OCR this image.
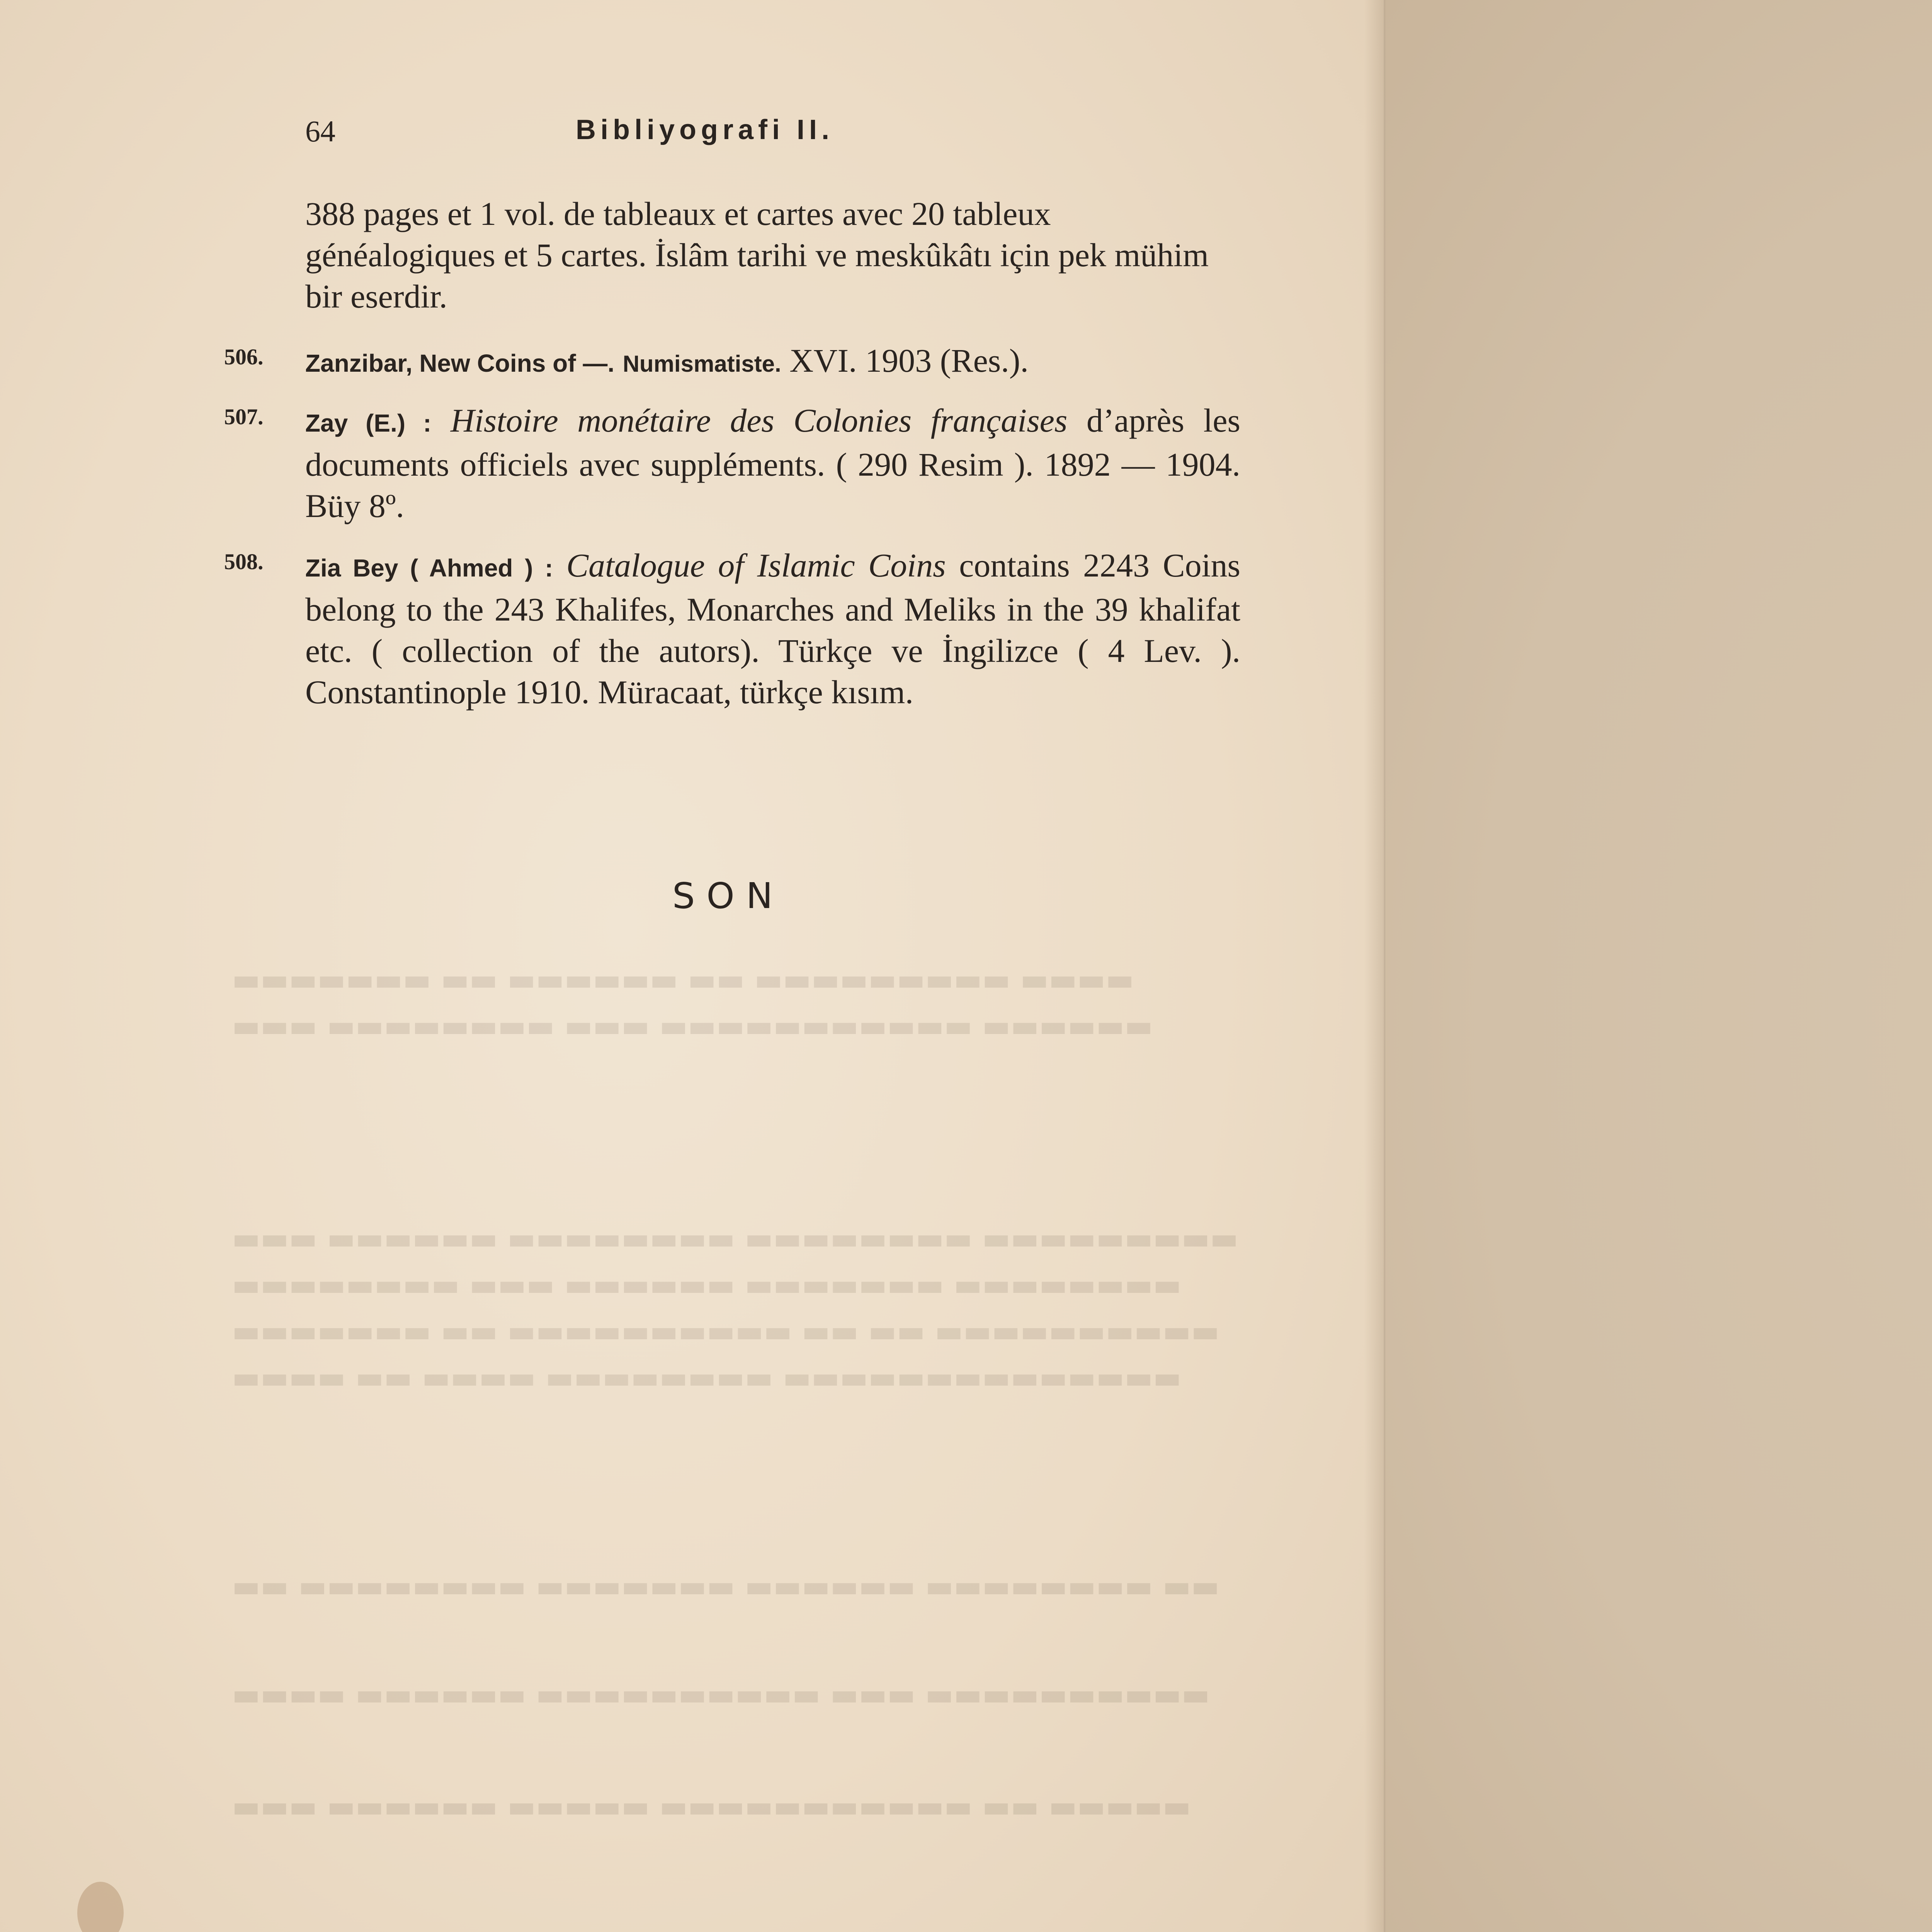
▬▬▬▬ ▬▬▬▬▬▬▬▬▬ ▬▬ ▬▬▬▬▬▬ ▬▬ ▬▬▬▬▬▬▬
▬▬▬▬▬▬ ▬▬▬▬▬▬▬▬▬▬▬ ▬▬▬ ▬▬▬▬▬▬▬▬ ▬▬▬
▬▬▬▬▬▬▬▬▬ ▬▬▬▬▬▬▬▬ ▬▬▬▬▬▬▬▬ ▬▬▬▬▬▬ ▬▬▬
▬▬▬▬▬▬▬▬ ▬▬▬▬▬▬▬ ▬▬▬▬▬▬ ▬▬▬ ▬▬▬▬▬▬▬▬
▬▬▬▬▬▬▬▬▬▬ ▬▬ ▬▬ ▬▬▬▬▬▬▬▬▬▬ ▬▬ ▬▬▬▬▬▬▬
▬▬▬▬▬▬▬▬▬▬▬▬▬▬ ▬▬▬▬▬▬▬▬ ▬▬▬▬ ▬▬ ▬▬▬▬
▬▬ ▬▬▬▬▬▬▬▬ ▬▬▬▬▬▬ ▬▬▬▬▬▬▬ ▬▬▬▬▬▬▬▬ ▬▬
▬▬▬▬▬▬▬▬▬▬ ▬▬▬ ▬▬▬▬▬▬▬▬▬▬ ▬▬▬▬▬▬ ▬▬▬▬
▬▬▬▬▬ ▬▬ ▬▬▬▬▬▬▬▬▬▬▬ ▬▬▬▬▬ ▬▬▬▬▬▬ ▬▬▬
64	Bibliyografi II.
388 pages et 1 vol. de tableaux et cartes avec 20 tableux généalogiques et 5 cartes. İslâm tarihi ve meskûkâtı için pek mühim bir eserdir.
506. Zanzibar, New Coins of —. Numismatiste. XVI. 1903 (Res.).
507. Zay (E.) : Histoire monétaire des Colonies françaises d’après les documents officiels avec suppléments. ( 290 Resim ). 1892 — 1904. Büy 8º.
508. Zia Bey ( Ahmed ) : Catalogue of Islamic Coins contains 2243 Coins belong to the 243 Khalifes, Monarches and Meliks in the 39 khalifat etc. ( collection of the autors). Türkçe ve İngilizce ( 4 Lev. ). Constantinople 1910. Müracaat, türkçe kısım.
SON
